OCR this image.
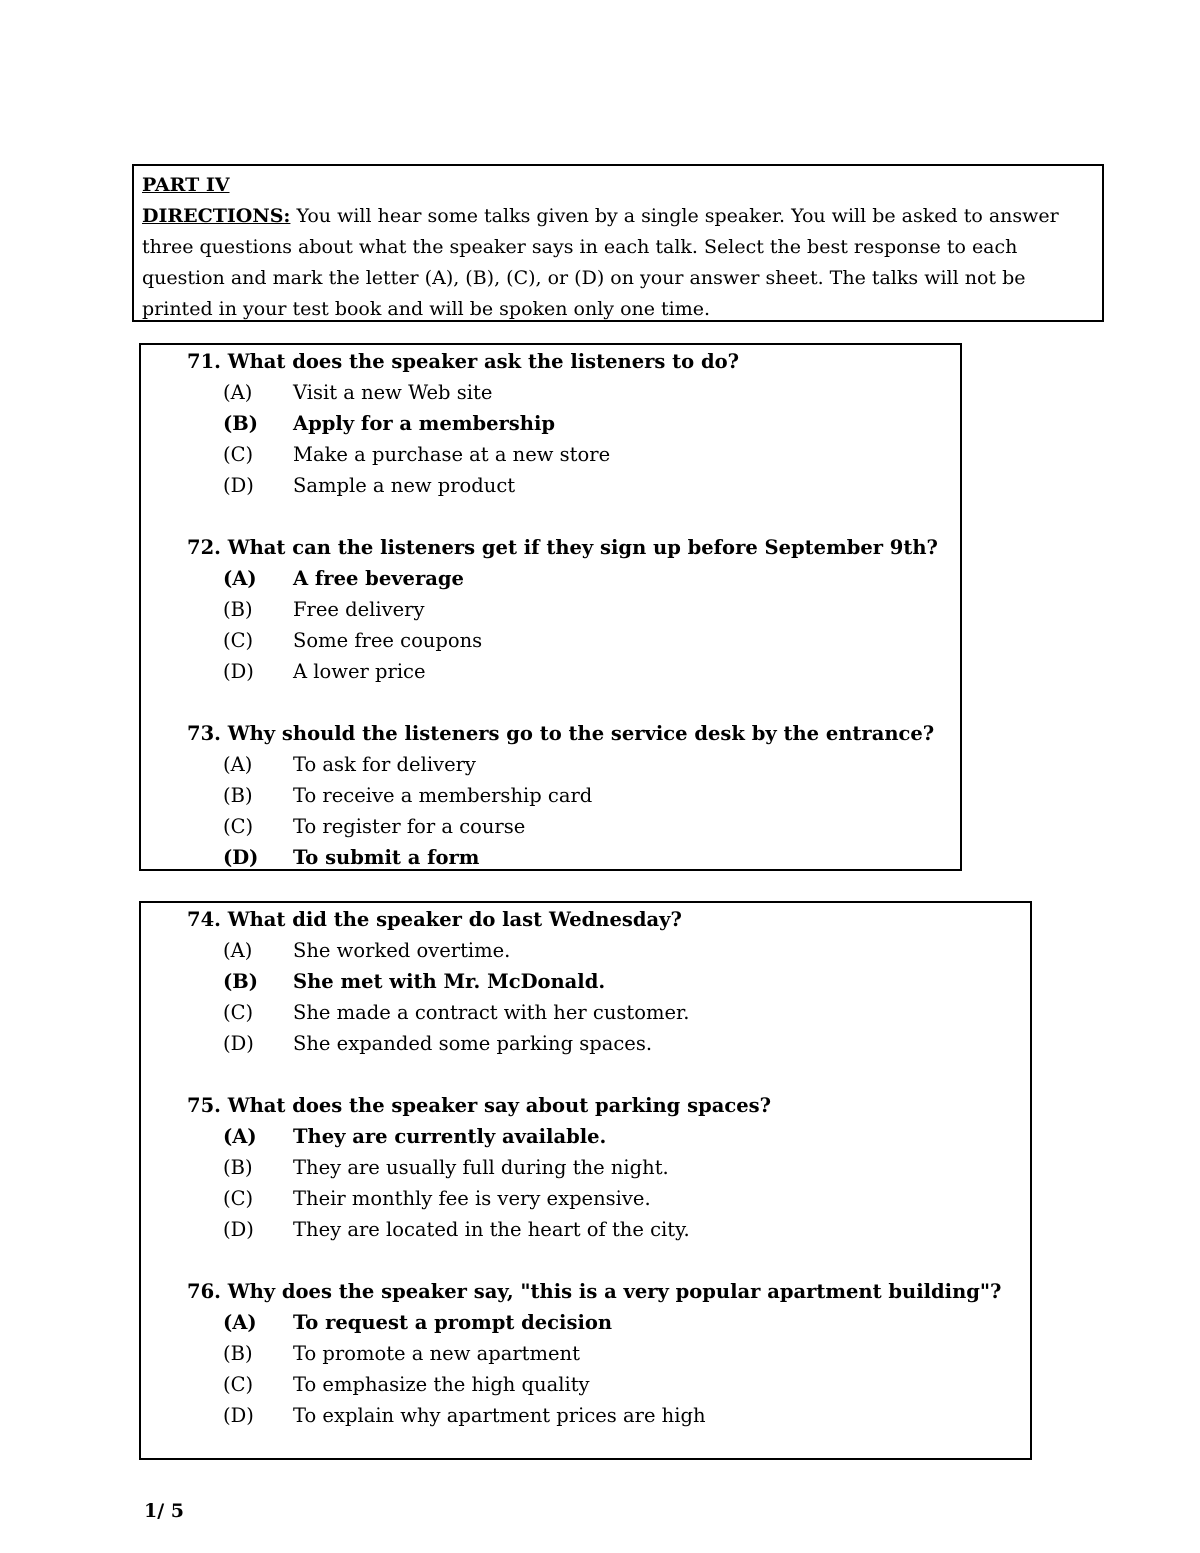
PART IV
DIRECTIONS: You will hear some talks given by a single speaker. You will be asked to answer three questions about what the speaker says in each talk. Select the best response to each question and mark the letter (A), (B), (C), or (D) on your answer sheet. The talks will not be printed in your test book and will be spoken only one time.
71. What does the speaker ask the listeners to do?
(A)	Visit a new Web site
(B)	Apply for a membership
(C)	Make a purchase at a new store
(D)	Sample a new product
72. What can the listeners get if they sign up before September 9th?
(A)	A free beverage
(B)	Free delivery
(C)	Some free coupons
(D)	A lower price
73. Why should the listeners go to the service desk by the entrance?
(A)	To ask for delivery
(B)	To receive a membership card
(C)	To register for a course
(D)	To submit a form
74. What did the speaker do last Wednesday?
(A)	She worked overtime.
(B)	She met with Mr. McDonald.
(C)	She made a contract with her customer.
(D)	She expanded some parking spaces.
75. What does the speaker say about parking spaces?
(A)	They are currently available.
(B)	They are usually full during the night.
(C)	Their monthly fee is very expensive.
(D)	They are located in the heart of the city.
76. Why does the speaker say, "this is a very popular apartment building"?
(A)	To request a prompt decision
(B)	To promote a new apartment
(C)	To emphasize the high quality
(D)	To explain why apartment prices are high
1/ 5
